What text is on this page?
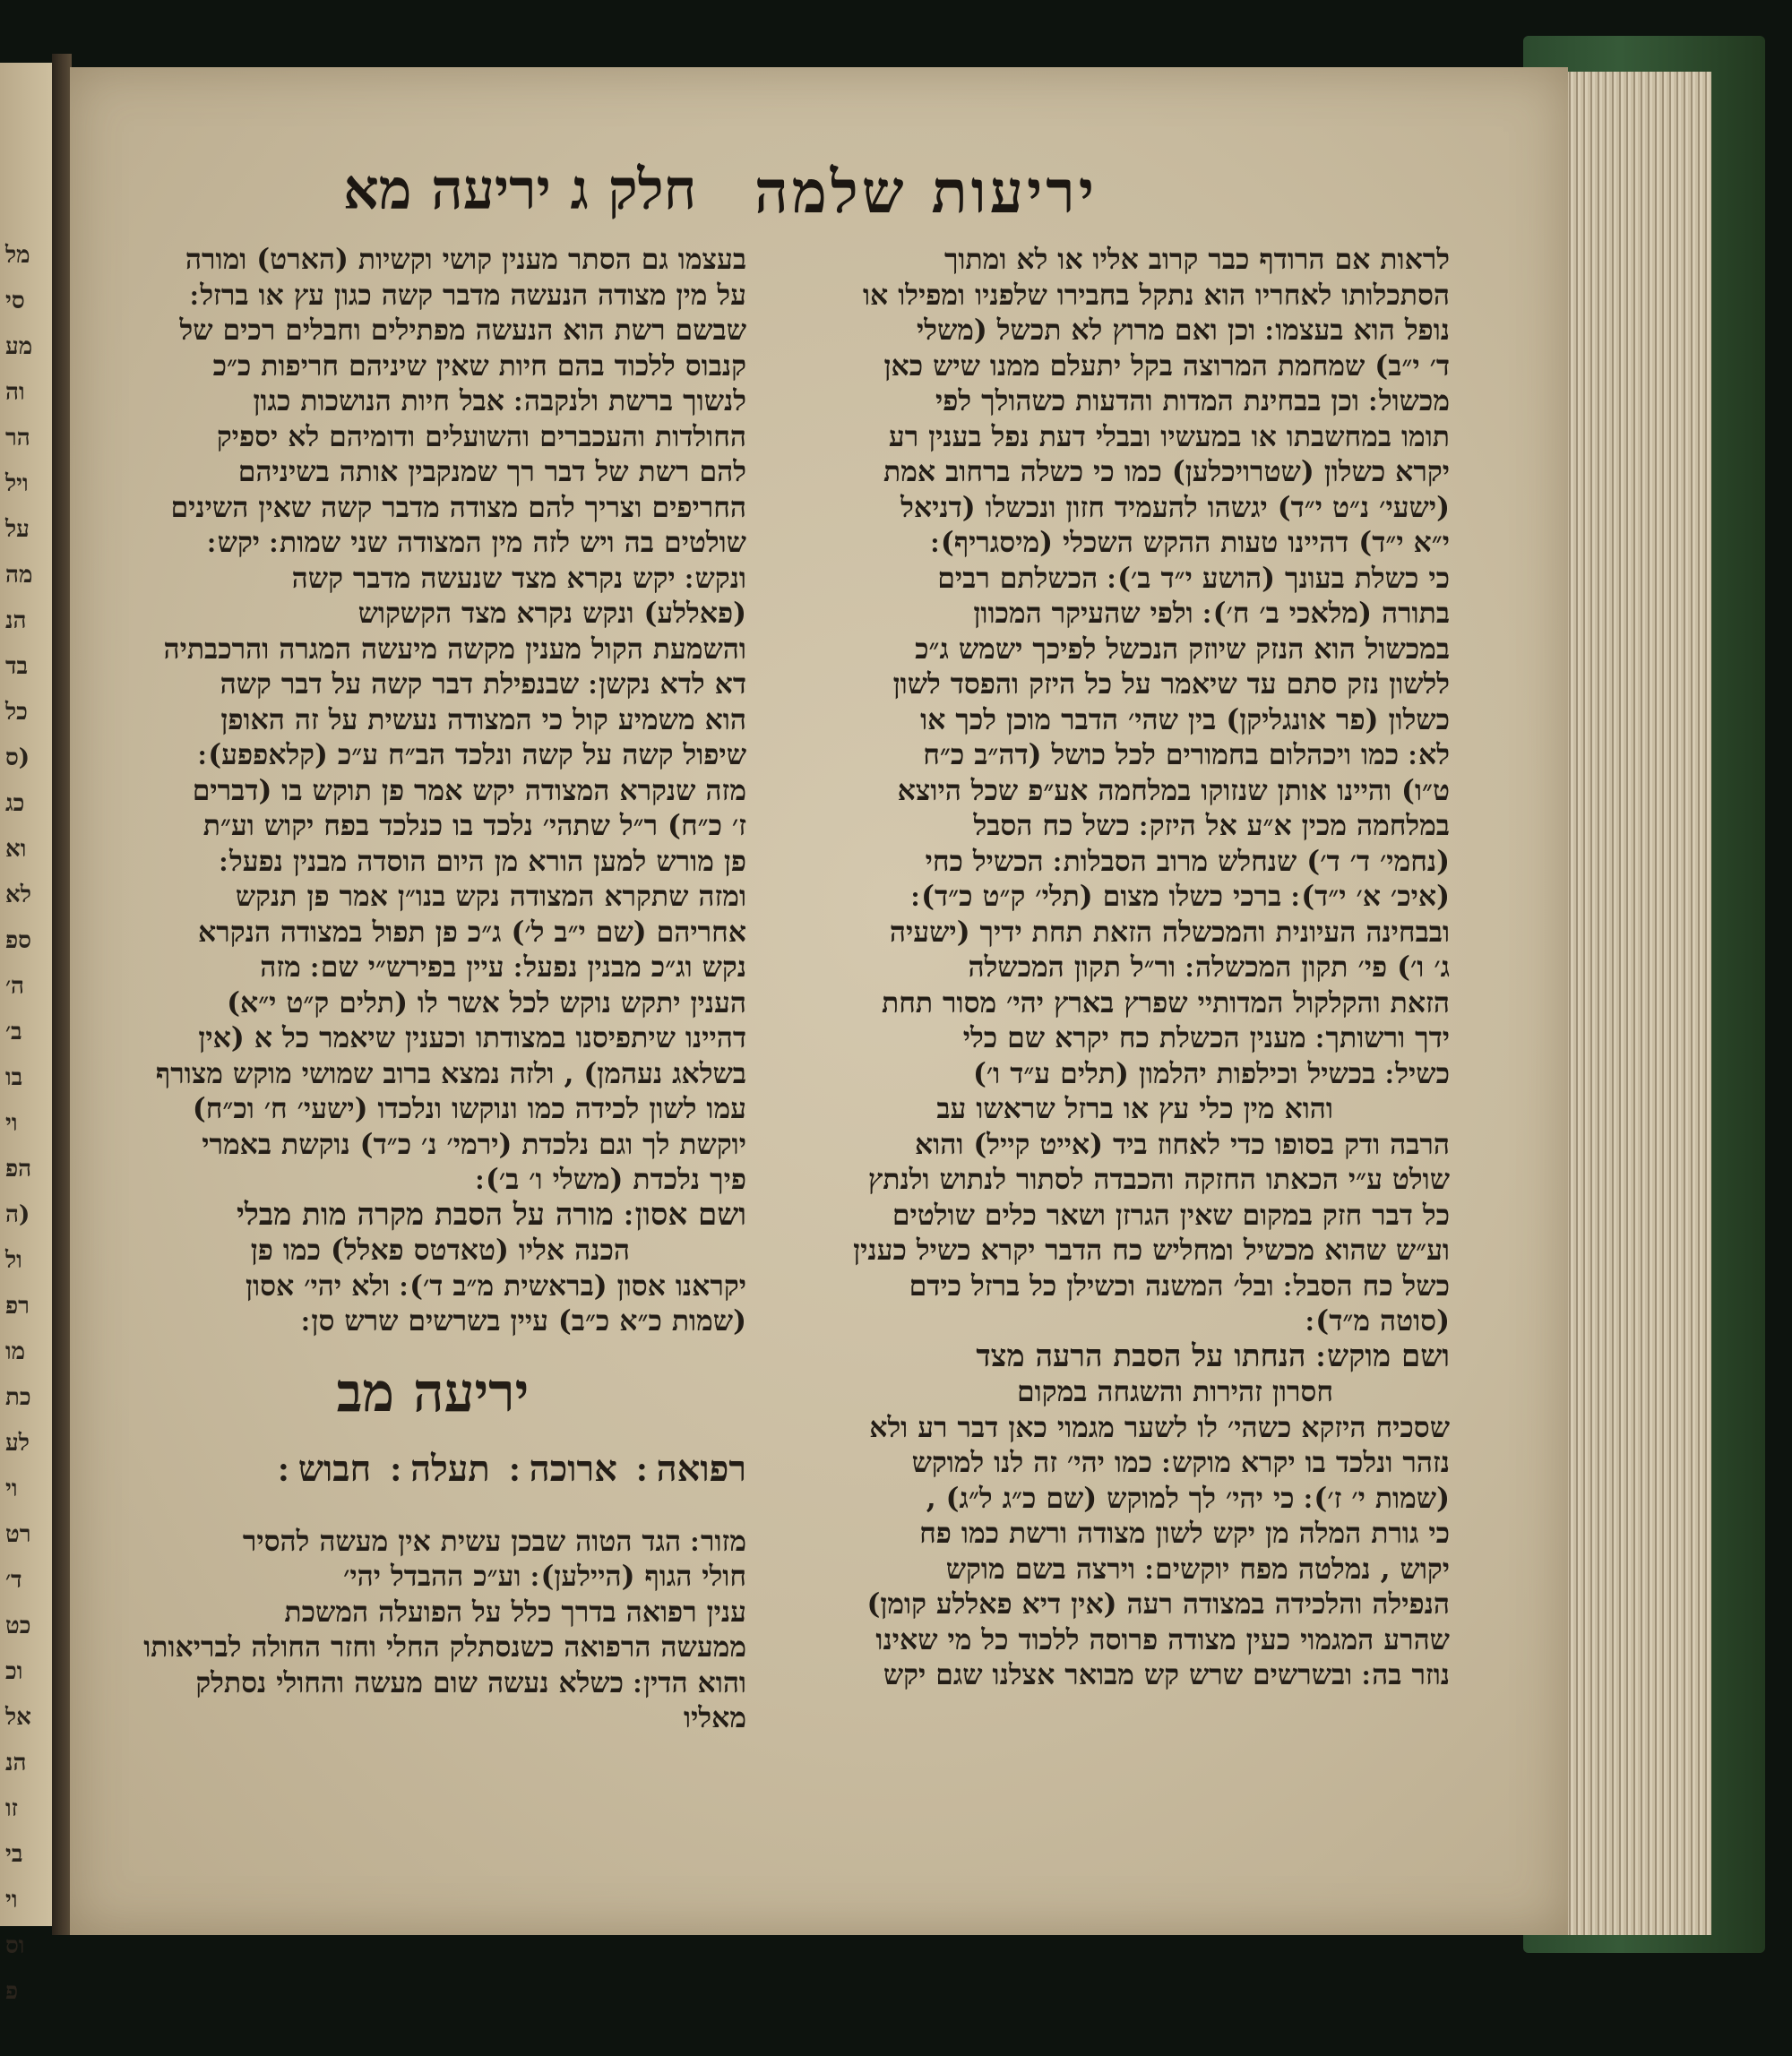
מל
סי
מע
וה
הר
ויל
על
מה
הנ
בד
כל
(ס
כג
וא
לא
ספ
ה׳
ב׳
בו
וי
הפ
(ה
ול
רפ
מו
כת
לע
וי
רט
ד׳
כט
וכ
אל
הנ
זו
בי
וי
וס
פ
יריעות שלמה
חלק ג יריעה מא
לראות אם הרודף כבר קרוב אליו או לא ומתוך
הסתכלותו לאחריו הוא נתקל בחבירו שלפניו ומפילו או
נופל הוא בעצמו ׃ וכן ואם מרוץ לא תכשל (משלי
ד׳ י״ב) שמחמת המרוצה בקל יתעלם ממנו שיש כאן
מכשול ׃ וכן בבחינת המדות והדעות כשהולך לפי
תומו במחשבתו או במעשיו ובבלי דעת נפל בענין רע
יקרא כשלון (שטרויכלען) כמו כי כשלה ברחוב אמת
(ישעי׳ נ״ט י״ד) יגשהו להעמיד חזון ונכשלו (דניאל
י״א י״ד) דהיינו טעות ההקש השכלי (מיסגריף) ׃
כי כשלת בעונך (הושע י״ד ב׳) ׃ הכשלתם רבים
בתורה (מלאכי ב׳ ח׳) ׃ ולפי שהעיקר המכוון
במכשול הוא הנזק שיוזק הנכשל לפיכך ישמש ג״כ
ללשון נזק סתם עד שיאמר על כל היזק והפסד לשון
כשלון (פר אונגליקן) בין שהי׳ הדבר מוכן לכך או
לא ׃ כמו ויכהלום בחמורים לכל כושל (דה״ב כ״ח
ט״ו) והיינו אותן שנזוקו במלחמה אע״פ שכל היוצא
במלחמה מכין א״ע אל היזק ׃ כשל כח הסבל
(נחמי׳ ד׳ ד׳) שנחלש מרוב הסבלות ׃ הכשיל כחי
(איכ׳ א׳ י״ד) ׃ ברכי כשלו מצום (תלי׳ ק״ט כ״ד) ׃
ובבחינה העיונית והמכשלה הזאת תחת ידיך (ישעיה
ג׳ ו׳) פי׳ תקון המכשלה ׃ ור״ל תקון המכשלה
הזאת והקלקול המדותיי שפרץ בארץ יהי׳ מסור תחת
ידך ורשותך ׃ מענין הכשלת כח יקרא שם כלי
כשיל ׃ בכשיל וכילפות יהלמון (תלים ע״ד ו׳)
והוא מין כלי עץ או ברזל שראשו עב
הרבה ודק בסופו כדי לאחוז ביד (אייט קייל) והוא
שולט ע״י הכאתו החזקה והכבדה לסתור לנתוש ולנתץ
כל דבר חזק במקום שאין הגרזן ושאר כלים שולטים
וע״ש שהוא מכשיל ומחליש כח הדבר יקרא כשיל כענין
כשל כח הסבל ׃ ובל׳ המשנה וכשילן כל ברזל כידם
(סוטה מ״ד) ׃
ושם מוקש ׃ הנחתו על הסבת הרעה מצד
חסרון זהירות והשגחה במקום
שסכיח היזקא כשהי׳ לו לשער מגמוי כאן דבר רע ולא
נזהר ונלכד בו יקרא מוקש ׃ כמו יהי׳ זה לנו למוקש
(שמות י׳ ז׳) ׃ כי יהי׳ לך למוקש (שם כ״ג ל״ג) ,
כי גורת המלה מן יקש לשון מצודה ורשת כמו פח
יקוש , נמלטה מפח יוקשים ׃ וירצה בשם מוקש
הנפילה והלכידה במצודה רעה (אין דיא פאללע קומן)
שהרע המגמוי כעין מצודה פרוסה ללכוד כל מי שאינו
נוזר בה ׃ ובשרשים שרש קש מבואר אצלנו שגם יקש
בעצמו גם הסתר מענין קושי וקשיות (הארט) ומורה
על מין מצודה הנעשה מדבר קשה כגון עץ או ברזל ׃
שבשם רשת הוא הנעשה מפתילים וחבלים רכים של
קנבוס ללכוד בהם חיות שאין שיניהם חריפות כ״כ
לנשוך ברשת ולנקבה ׃ אבל חיות הנושכות כגון
החולדות והעכברים והשועלים ודומיהם לא יספיק
להם רשת של דבר רך שמנקבין אותה בשיניהם
החריפים וצריך להם מצודה מדבר קשה שאין השינים
שולטים בה ויש לזה מין המצודה שני שמות ׃ יקש ׃
ונקש ׃ יקש נקרא מצד שנעשה מדבר קשה
(פאללע) ונקש נקרא מצד הקשקוש
והשמעת הקול מענין מקשה מיעשה המגרה והרכבתיה
דא לדא נקשן ׃ שבנפילת דבר קשה על דבר קשה
הוא משמיע קול כי המצודה נעשית על זה האופן
שיפול קשה על קשה ונלכד הב״ח ע״כ (קלאפפע) ׃
מזה שנקרא המצודה יקש אמר פן תוקש בו (דברים
ז׳ כ״ח) ר״ל שתהי׳ נלכד בו כנלכד בפח יקוש וע״ת
פן מורש למען הורא מן היום הוסדה מבנין נפעל ׃
ומזה שתקרא המצודה נקש בנו״ן אמר פן תנקש
אחריהם (שם י״ב ל׳) ג״כ פן תפול במצודה הנקרא
נקש וג״כ מבנין נפעל ׃ עיין בפירש״י שם ׃ מזה
הענין יתקש נוקש לכל אשר לו (תלים ק״ט י״א)
דהיינו שיתפיסנו במצודתו וכענין שיאמר כל א (אין
בשלאג נעהמן) , ולזה נמצא ברוב שמושי מוקש מצורף
עמו לשון לכידה כמו ונוקשו ונלכדו (ישעי׳ ח׳ וכ״ח)
יוקשת לך וגם נלכדת (ירמי׳ נ׳ כ״ד) נוקשת באמרי
פיך נלכדת (משלי ו׳ ב׳) ׃
ושם אסון ׃ מורה על הסבת מקרה מות מבלי
הכנה אליו (טאדטס פאלל) כמו פן
יקראנו אסון (בראשית מ״ב ד׳) ׃ ולא יהי׳ אסון
(שמות כ״א כ״ב) עיין בשרשים שרש סן ׃
יריעה מב
רפואה ׃ ארוכה ׃ תעלה ׃ חבוש ׃
מזור ׃ הגד הטוה שבכן עשית אין מעשה להסיר
חולי הגוף (היילען) ׃ וע״כ ההבדל יהי׳
ענין רפואה בדרך כלל על הפועלה המשכת
ממעשה הרפואה כשנסתלק החלי וחזר החולה לבריאותו
והוא הדין ׃ כשלא נעשה שום מעשה והחולי נסתלק
מאליו
